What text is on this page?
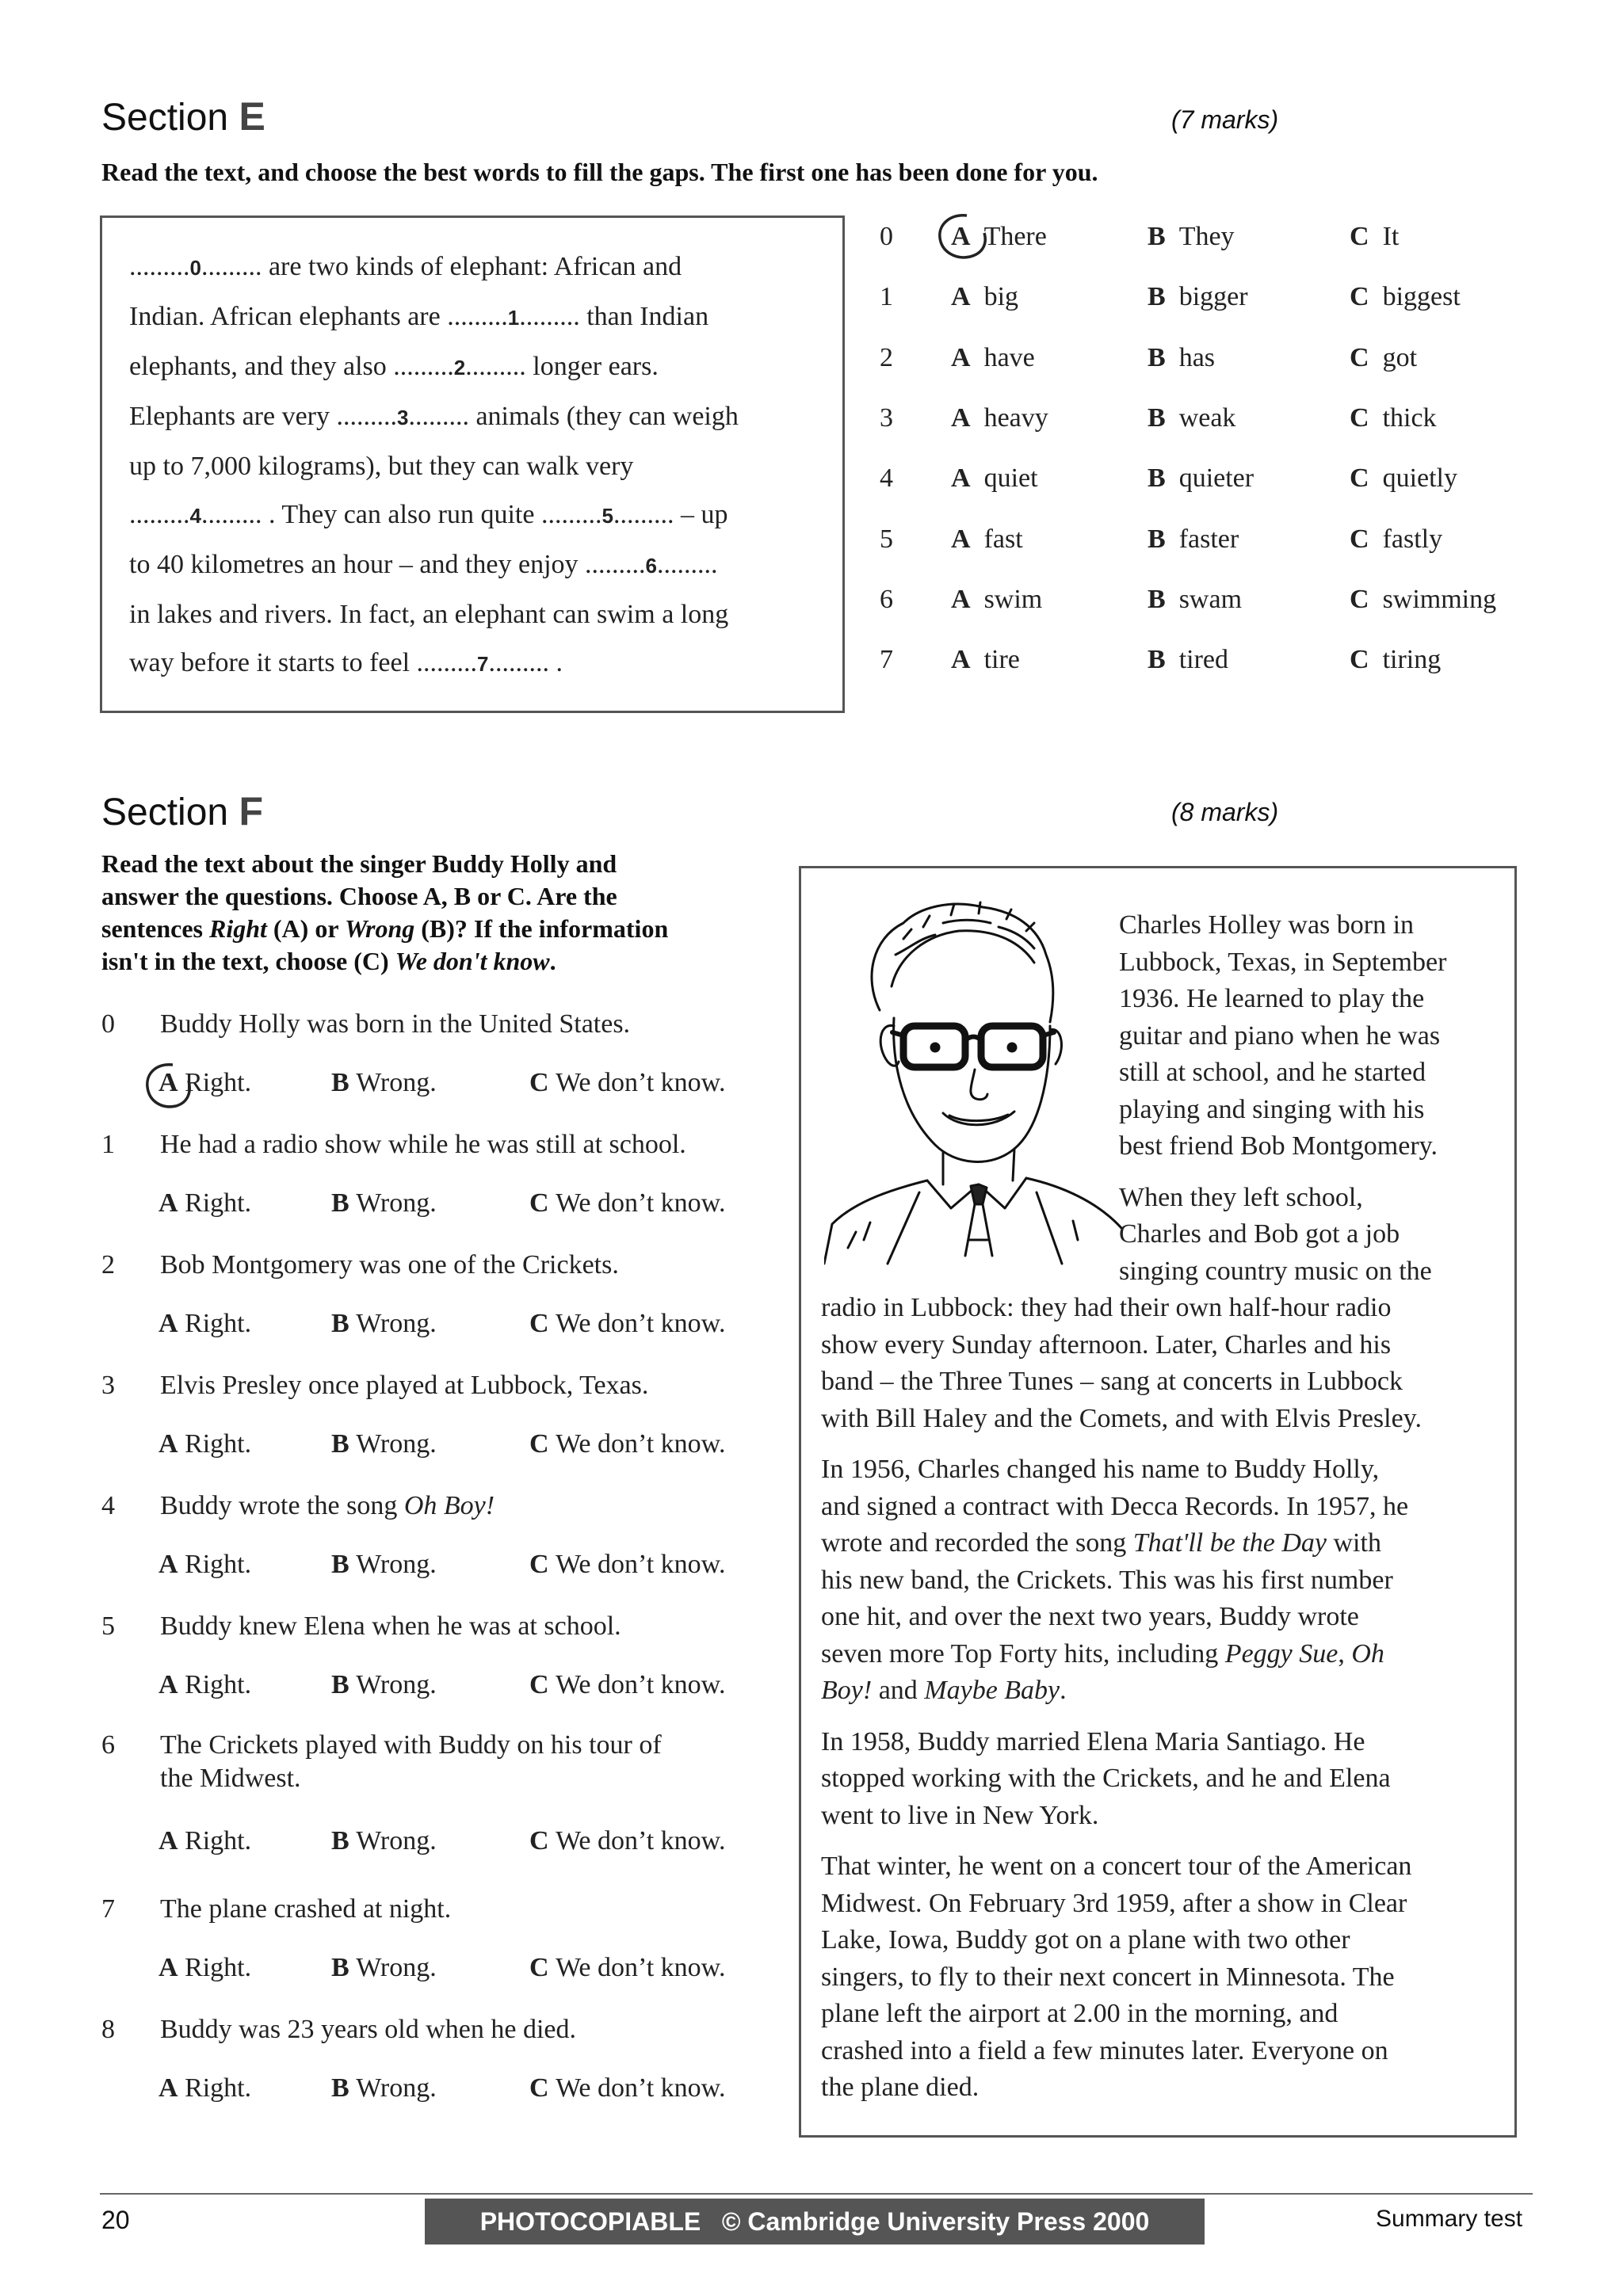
Section E	(7 marks)
Read the text, and choose the best words to fill the gaps. The first one has been done for you.
.........0......... are two kinds of elephant: African and
Indian. African elephants are .........1......... than Indian
elephants, and they also .........2......... longer ears.
Elephants are very .........3......... animals (they can weigh
up to 7,000 kilograms), but they can walk very
.........4......... . They can also run quite .........5......... – up
to 40 kilometres an hour – and they enjoy .........6.........
in lakes and rivers. In fact, an elephant can swim a long
way before it starts to feel .........7......... .
0 A There	B They	C It
1 A big	B bigger	C biggest
2 A have	B has	C got
3 A heavy	B weak	C thick
4 A quiet	B quieter	C quietly
5 A fast	B faster	C fastly
6 A swim	B swam	C swimming
7 A tire	B tired	C tiring
Section F	(8 marks)
Read the text about the singer Buddy Holly and
answer the questions. Choose A, B or C. Are the
sentences Right (A) or Wrong (B)? If the information
isn't in the text, choose (C) We don't know.
0 Buddy Holly was born in the United States.
A Right.	B Wrong.	C We don’t know.
1 He had a radio show while he was still at school.
A Right.	B Wrong.	C We don’t know.
2 Bob Montgomery was one of the Crickets.
A Right.	B Wrong.	C We don’t know.
3 Elvis Presley once played at Lubbock, Texas.
A Right.	B Wrong.	C We don’t know.
4 Buddy wrote the song Oh Boy!
A Right.	B Wrong.	C We don’t know.
5 Buddy knew Elena when he was at school.
A Right.	B Wrong.	C We don’t know.
6 The Crickets played with Buddy on his tour of
the Midwest.
A Right.	B Wrong.	C We don’t know.
7 The plane crashed at night.
A Right.	B Wrong.	C We don’t know.
8 Buddy was 23 years old when he died.
A Right.	B Wrong.	C We don’t know.
Charles Holley was born in
Lubbock, Texas, in September
1936. He learned to play the
guitar and piano when he was
still at school, and he started
playing and singing with his
best friend Bob Montgomery.
When they left school,
Charles and Bob got a job
singing country music on the
radio in Lubbock: they had their own half-hour radio
show every Sunday afternoon. Later, Charles and his
band – the Three Tunes – sang at concerts in Lubbock
with Bill Haley and the Comets, and with Elvis Presley.
In 1956, Charles changed his name to Buddy Holly,
and signed a contract with Decca Records. In 1957, he
wrote and recorded the song That'll be the Day with
his new band, the Crickets. This was his first number
one hit, and over the next two years, Buddy wrote
seven more Top Forty hits, including Peggy Sue, Oh
Boy! and Maybe Baby.
In 1958, Buddy married Elena Maria Santiago. He
stopped working with the Crickets, and he and Elena
went to live in New York.
That winter, he went on a concert tour of the American
Midwest. On February 3rd 1959, after a show in Clear
Lake, Iowa, Buddy got on a plane with two other
singers, to fly to their next concert in Minnesota. The
plane left the airport at 2.00 in the morning, and
crashed into a field a few minutes later. Everyone on
the plane died.
20	PHOTOCOPIABLE © Cambridge University Press 2000	Summary test
